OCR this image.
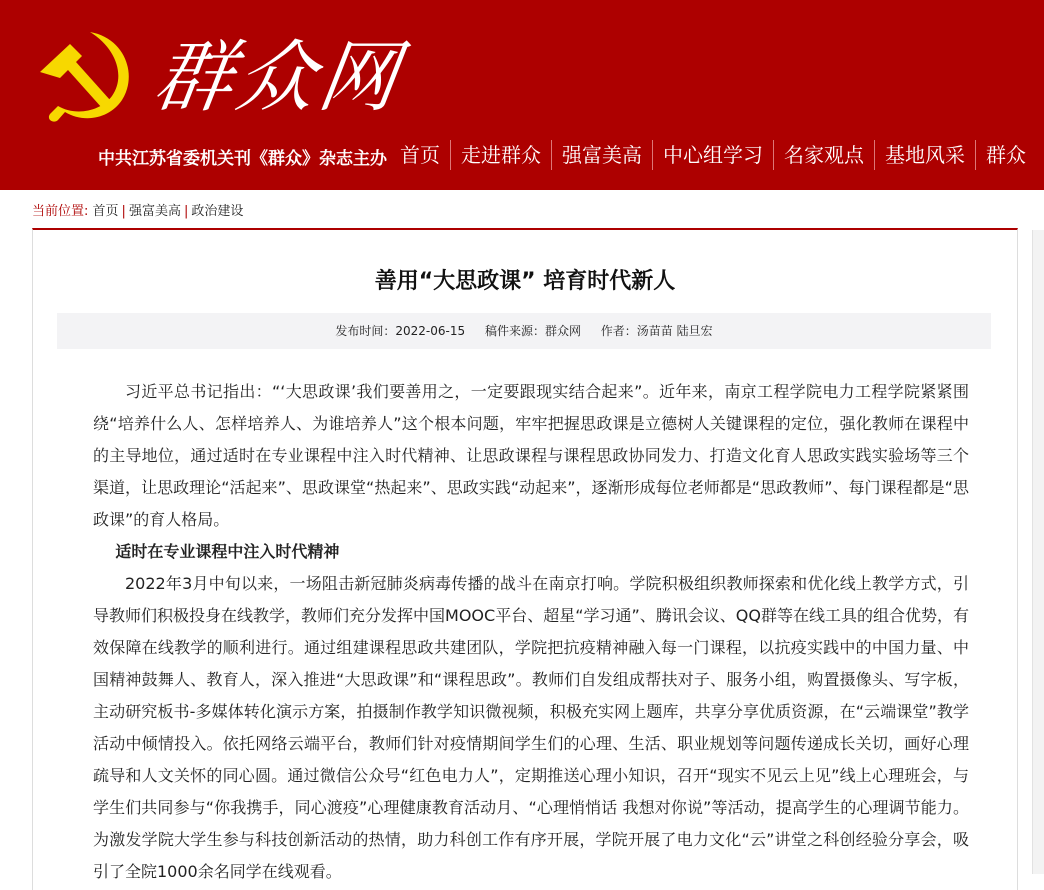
群众网
中共江苏省委机关刊《群众》杂志主办 首页	走进群众	强富美高	中心组学习	名家观点	基地风采	群众
当前位置: 首页 | 强富美高 | 政治建设
善用“大思政课” 培育时代新人
发布时间：2022-06-15 稿件来源：群众网 作者：汤苗苗 陆旦宏

习近平总书记指出：“‘大思政课’我们要善用之，一定要跟现实结合起来”。近年来，南京工程学院电力工程学院紧紧围绕“培养什么人、怎样培养人、为谁培养人”这个根本问题，牢牢把握思政课是立德树人关键课程的定位，强化教师在课程中的主导地位，通过适时在专业课程中注入时代精神、让思政课程与课程思政协同发力、打造文化育人思政实践实验场等三个渠道，让思政理论“活起来”、思政课堂“热起来”、思政实践“动起来”，逐渐形成每位老师都是“思政教师”、每门课程都是“思政课”的育人格局。

适时在专业课程中注入时代精神

2022年3月中旬以来，一场阻击新冠肺炎病毒传播的战斗在南京打响。学院积极组织教师探索和优化线上教学方式，引导教师们积极投身在线教学，教师们充分发挥中国MOOC平台、超星“学习通”、腾讯会议、QQ群等在线工具的组合优势，有效保障在线教学的顺利进行。通过组建课程思政共建团队，学院把抗疫精神融入每一门课程，以抗疫实践中的中国力量、中国精神鼓舞人、教育人，深入推进“大思政课”和“课程思政”。教师们自发组成帮扶对子、服务小组，购置摄像头、写字板，主动研究板书-多媒体转化演示方案，拍摄制作教学知识微视频，积极充实网上题库，共享分享优质资源，在“云端课堂”教学活动中倾情投入。依托网络云端平台，教师们针对疫情期间学生们的心理、生活、职业规划等问题传递成长关切，画好心理疏导和人文关怀的同心圆。通过微信公众号“红色电力人”，定期推送心理小知识，召开“现实不见云上见”线上心理班会，与学生们共同参与“你我携手，同心渡疫”心理健康教育活动月、“心理悄悄话 我想对你说”等活动，提高学生的心理调节能力。为激发学院大学生参与科技创新活动的热情，助力科创工作有序开展，学院开展了电力文化“云”讲堂之科创经验分享会，吸引了全院1000余名同学在线观看。
